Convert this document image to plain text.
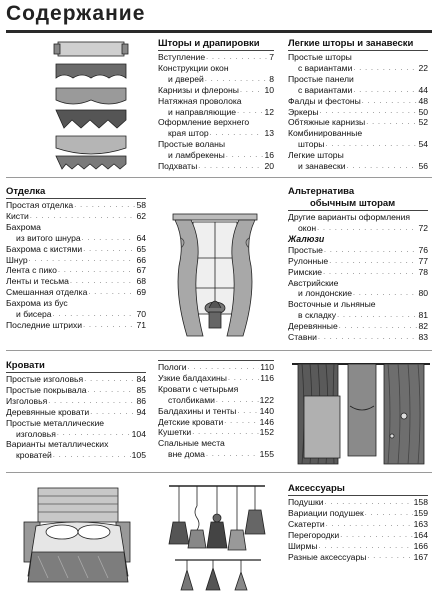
Содержание
Шторы и драпировки
Вступление . . .	7
Конструкции окон
и дверей . . .	8
Карнизы и флероны . . .	10
Натяжная проволока
и направляющие . . .	12
Оформление верхнего
края штор . . .	13
Простые воланы
и ламбрекены . . .	16
Подхваты . . .	20
Легкие шторы и занавески
Простые шторы
с вариантами . . .	22
Простые панели
с вариантами . . .	44
Фалды и фестоны . . .	48
Эркеры . . .	50
Обтяжные карнизы . . .	52
Комбинированные
шторы . . .	54
Легкие шторы
и занавески . . .	56
Отделка
Простая отделка . . .	58
Кисти . . .	62
Бахрома
из витого шнура . . .	64
Бахрома с кистями . . .	65
Шнур . . .	66
Лента с пико . . .	67
Ленты и тесьма . . .	68
Смешанная отделка . . .	69
Бахрома из бус
и бисера . . .	70
Последние штрихи . . .	71
Альтернатива
обычным шторам
Другие варианты оформления
окон . . .	72
Жалюзи
Простые . . .	76
Рулонные . . .	77
Римские . . .	78
Австрийские
и лондонские . . .	80
Восточные и льняные
в складку . . .	81
Деревянные . . .	82
Ставни . . .	83
Кровати
Простые изголовья . . .	84
Простые покрывала . . .	85
Изголовья . . .	86
Деревянные кровати . . .	94
Простые металлические
изголовья . . .	104
Варианты металлических
кроватей . . .	105
Пологи . . .	110
Узкие балдахины . . .	116
Кровати с четырьмя
столбиками . . .	122
Балдахины и тенты . . .	140
Детские кровати . . .	146
Кушетки . . .	152
Спальные места
вне дома . . .	155
Аксессуары
Подушки . . .	158
Вариации подушек . . .	159
Скатерти . . .	163
Перегородки . . .	164
Ширмы . . .	166
Разные аксессуары . . .	167
